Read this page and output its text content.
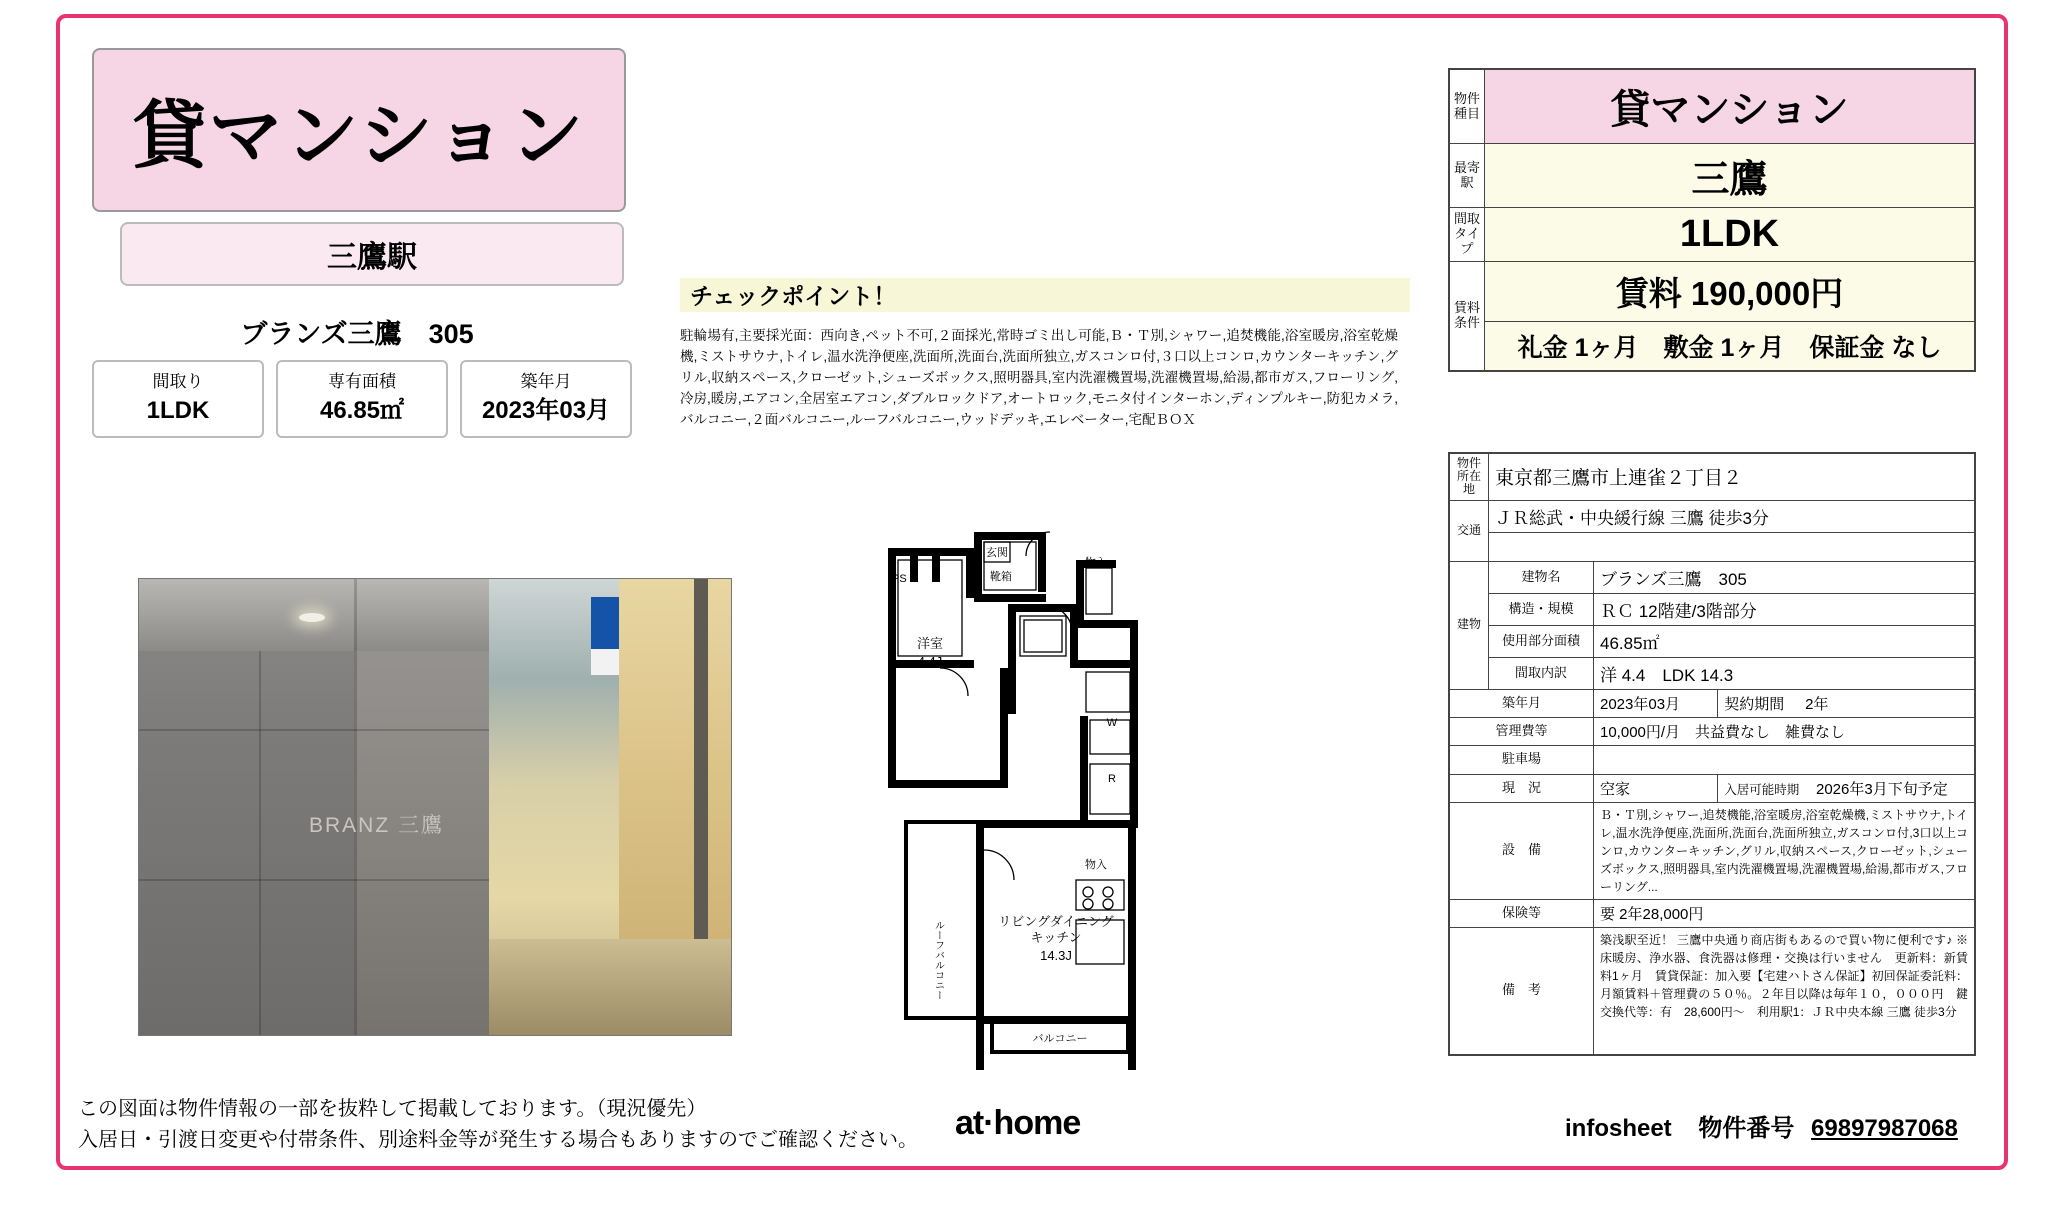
貸マンション
三鷹駅
ブランズ三鷹　305
間取り
1LDK
専有面積
46.85㎡
築年月
2023年03月
チェックポイント！
駐輪場有,主要採光面：西向き,ペット不可,２面採光,常時ゴミ出し可能,Ｂ・Ｔ別,シャワー,追焚機能,浴室暖房,浴室乾燥機,ミストサウナ,トイレ,温水洗浄便座,洗面所,洗面台,洗面所独立,ガスコンロ付,３口以上コンロ,カウンターキッチン,グリル,収納スペース,クローゼット,シューズボックス,照明器具,室内洗濯機置場,洗濯機置場,給湯,都市ガス,フローリング,冷房,暖房,エアコン,全居室エアコン,ダブルロックドア,オートロック,モニタ付インターホン,ディンプルキー,防犯カメラ,バルコニー,２面バルコニー,ルーフバルコニー,ウッドデッキ,エレベーター,宅配ＢＯＸ
BRANZ 三鷹
MB MB
PS
玄関
靴箱
物入
物入
W
R
洋室
4.4J
リビングダイニング
キッチン
14.3J
バルコニー
ルーフバルコニー
物件種目	貸マンション
最寄駅	三鷹
間取タイプ	1LDK
賃料条件	賃料 190,000円
	礼金 1ヶ月　敷金 1ヶ月　保証金 なし
物件所在地	東京都三鷹市上連雀２丁目２		
交通	ＪＲ総武・中央緩行線 三鷹 徒歩3分		

建物	建物名	ブランズ三鷹　305	
	構造・規模	ＲＣ 12階建/3階部分	
	使用部分面積	46.85㎡	
	間取内訳	洋 4.4　LDK 14.3	
築年月		2023年03月	契約期間 2年
管理費等		10,000円/月　共益費なし　雑費なし	
駐車場			
現　況		空家	入居可能時期 2026年3月下旬予定
設　備		Ｂ・Ｔ別,シャワー,追焚機能,浴室暖房,浴室乾燥機,ミストサウナ,トイレ,温水洗浄便座,洗面所,洗面台,洗面所独立,ガスコンロ付,3口以上コンロ,カウンターキッチン,グリル,収納スペース,クローゼット,シューズボックス,照明器具,室内洗濯機置場,洗濯機置場,給湯,都市ガス,フローリング...	
保険等		要 2年28,000円	
備　考		築浅駅至近！ 三鷹中央通り商店街もあるので買い物に便利です♪ ※床暖房、浄水器、食洗器は修理・交換は行いません　更新料：新賃料1ヶ月　賃貸保証：加入要【宅建ハトさん保証】初回保証委託料：月額賃料＋管理費の５０％。２年目以降は毎年１０，０００円　鍵交換代等：有　28,600円～　利用駅1：ＪＲ中央本線 三鷹 徒歩3分	
この図面は物件情報の一部を抜粋して掲載しております。（現況優先）
入居日・引渡日変更や付帯条件、別途料金等が発生する場合もありますのでご確認ください。 at·home	infosheet 物件番号 69897987068
